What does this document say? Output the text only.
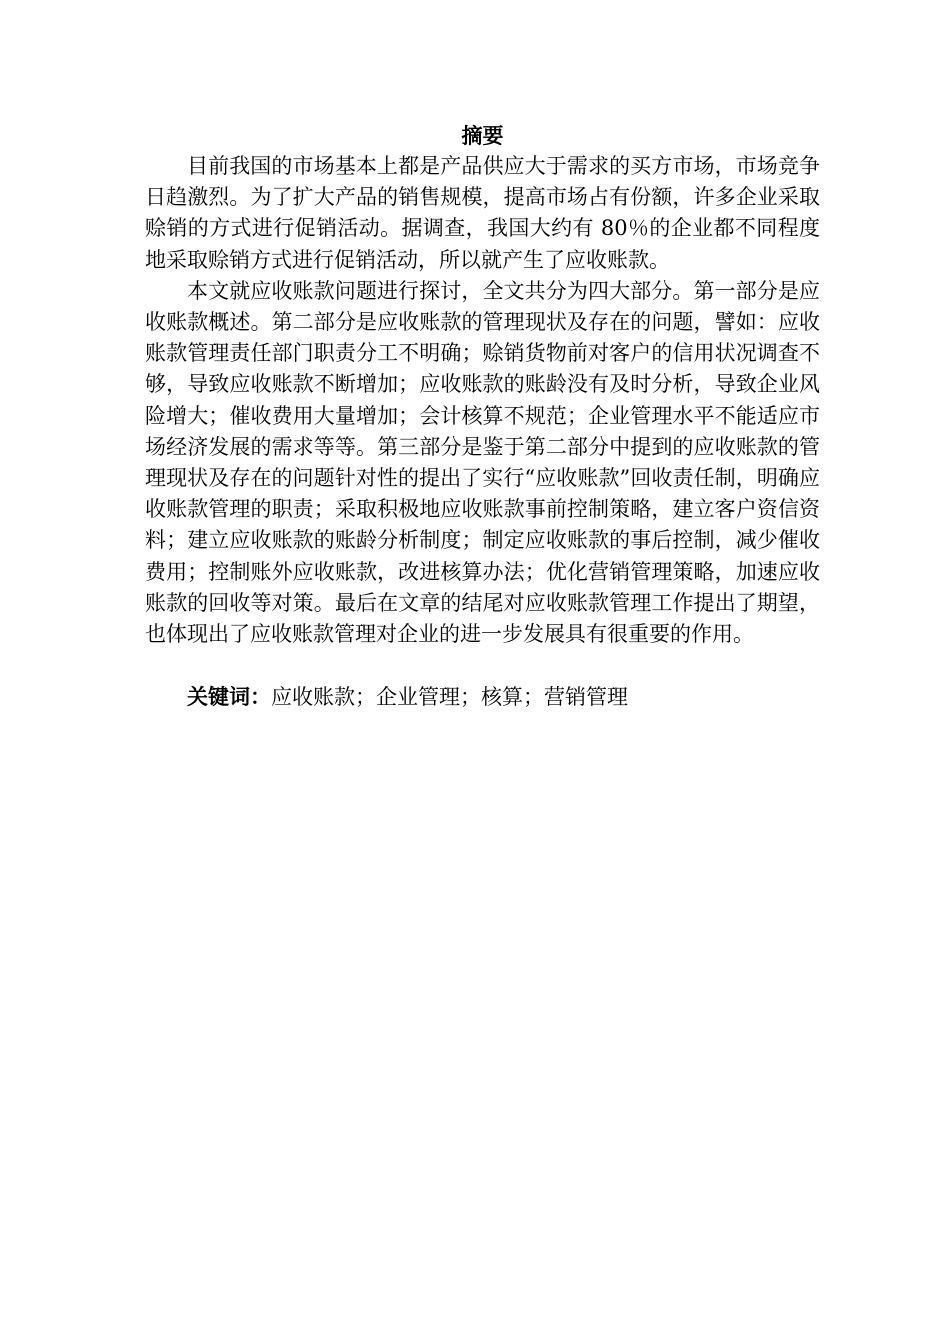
摘要

目前我国的市场基本上都是产品供应大于需求的买方市场，市场竞争日趋激烈。为了扩大产品的销售规模，提高市场占有份额，许多企业采取赊销的方式进行促销活动。据调查，我国大约有 80％的企业都不同程度地采取赊销方式进行促销活动，所以就产生了应收账款。

本文就应收账款问题进行探讨，全文共分为四大部分。第一部分是应收账款概述。第二部分是应收账款的管理现状及存在的问题，譬如：应收账款管理责任部门职责分工不明确；赊销货物前对客户的信用状况调查不够，导致应收账款不断增加；应收账款的账龄没有及时分析，导致企业风险增大；催收费用大量增加；会计核算不规范；企业管理水平不能适应市场经济发展的需求等等。第三部分是鉴于第二部分中提到的应收账款的管理现状及存在的问题针对性的提出了实行“应收账款”回收责任制，明确应收账款管理的职责；采取积极地应收账款事前控制策略，建立客户资信资料；建立应收账款的账龄分析制度；制定应收账款的事后控制，减少催收费用；控制账外应收账款，改进核算办法；优化营销管理策略，加速应收账款的回收等对策。最后在文章的结尾对应收账款管理工作提出了期望，也体现出了应收账款管理对企业的进一步发展具有很重要的作用。

关键词：应收账款；企业管理；核算；营销管理
